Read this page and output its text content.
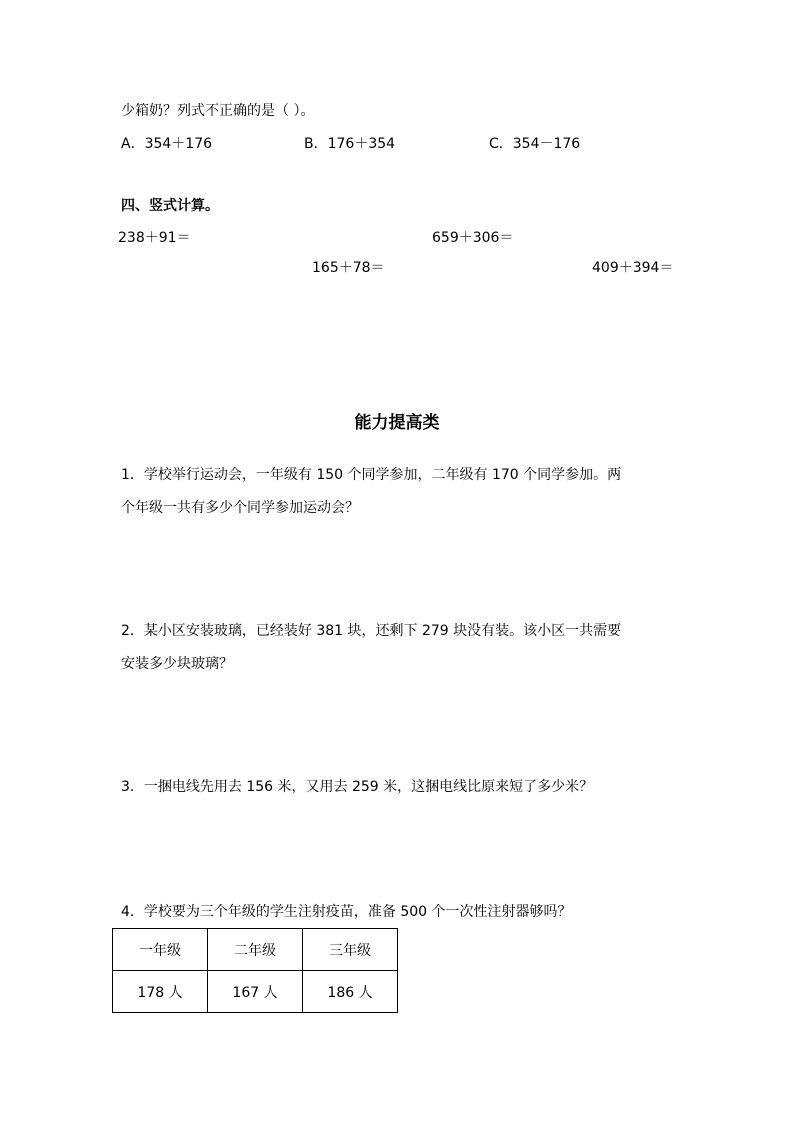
少箱奶？列式不正确的是（ ）。
A．354＋176	B．176＋354	C．354－176
四、竖式计算。
238＋91＝	659＋306＝
165＋78＝	409＋394＝
能力提高类
1．学校举行运动会，一年级有 150 个同学参加，二年级有 170 个同学参加。两
个年级一共有多少个同学参加运动会？
2．某小区安装玻璃，已经装好 381 块，还剩下 279 块没有装。该小区一共需要
安装多少块玻璃？
3．一捆电线先用去 156 米，又用去 259 米，这捆电线比原来短了多少米？
4．学校要为三个年级的学生注射疫苗，准备 500 个一次性注射器够吗？
一年级	二年级	三年级
178 人	167 人	186 人
